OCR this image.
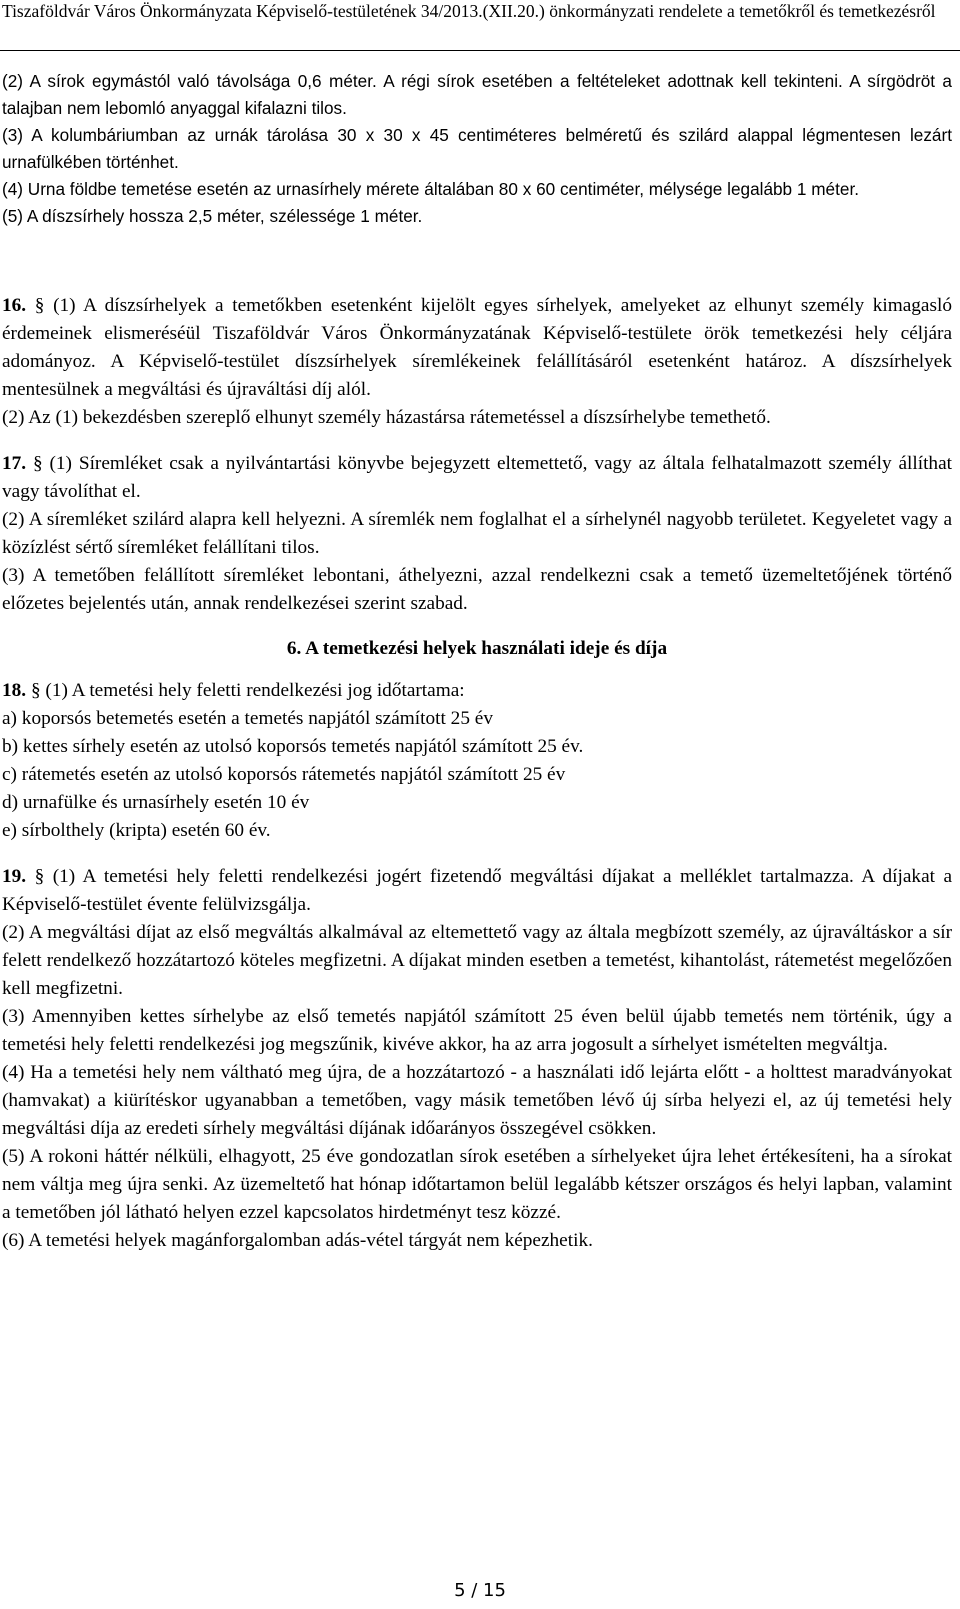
Tiszaföldvár Város Önkormányzata Képviselő-testületének 34/2013.(XII.20.) önkormányzati rendelete a temetőkről és temetkezésről

(2) A sírok egymástól való távolsága 0,6 méter. A régi sírok esetében a feltételeket adottnak kell tekinteni. A sírgödröt a talajban nem lebomló anyaggal kifalazni tilos.

(3) A kolumbáriumban az urnák tárolása 30 x 30 x 45 centiméteres belméretű és szilárd alappal légmentesen lezárt urnafülkében történhet.

(4) Urna földbe temetése esetén az urnasírhely mérete általában 80 x 60 centiméter, mélysége legalább 1 méter.

(5) A díszsírhely hossza 2,5 méter, szélessége 1 méter.

16. § (1) A díszsírhelyek a temetőkben esetenként kijelölt egyes sírhelyek, amelyeket az elhunyt személy kimagasló érdemeinek elismeréséül Tiszaföldvár Város Önkormányzatának Képviselő-testülete örök temetkezési hely céljára adományoz. A Képviselő-testület díszsírhelyek síremlékeinek felállításáról esetenként határoz. A díszsírhelyek mentesülnek a megváltási és újraváltási díj alól.

(2) Az (1) bekezdésben szereplő elhunyt személy házastársa rátemetéssel a díszsírhelybe temethető.

17. § (1) Síremléket csak a nyilvántartási könyvbe bejegyzett eltemettető, vagy az általa felhatalmazott személy állíthat vagy távolíthat el.

(2) A síremléket szilárd alapra kell helyezni. A síremlék nem foglalhat el a sírhelynél nagyobb területet. Kegyeletet vagy a közízlést sértő síremléket felállítani tilos.

(3) A temetőben felállított síremléket lebontani, áthelyezni, azzal rendelkezni csak a temető üzemeltetőjének történő előzetes bejelentés után, annak rendelkezései szerint szabad.

6. A temetkezési helyek használati ideje és díja

18. § (1) A temetési hely feletti rendelkezési jog időtartama:

a) koporsós betemetés esetén a temetés napjától számított 25 év

b) kettes sírhely esetén az utolsó koporsós temetés napjától számított 25 év.

c) rátemetés esetén az utolsó koporsós rátemetés napjától számított 25 év

d) urnafülke és urnasírhely esetén 10 év

e) sírbolthely (kripta) esetén 60 év.

19. § (1) A temetési hely feletti rendelkezési jogért fizetendő megváltási díjakat a melléklet tartalmazza. A díjakat a Képviselő-testület évente felülvizsgálja.

(2) A megváltási díjat az első megváltás alkalmával az eltemettető vagy az általa megbízott személy, az újraváltáskor a sír felett rendelkező hozzátartozó köteles megfizetni. A díjakat minden esetben a temetést, kihantolást, rátemetést megelőzően kell megfizetni.

(3) Amennyiben kettes sírhelybe az első temetés napjától számított 25 éven belül újabb temetés nem történik, úgy a temetési hely feletti rendelkezési jog megszűnik, kivéve akkor, ha az arra jogosult a sírhelyet ismételten megváltja.

(4) Ha a temetési hely nem váltható meg újra, de a hozzátartozó - a használati idő lejárta előtt - a holttest maradványokat (hamvakat) a kiürítéskor ugyanabban a temetőben, vagy másik temetőben lévő új sírba helyezi el, az új temetési hely megváltási díja az eredeti sírhely megváltási díjának időarányos összegével csökken.

(5) A rokoni háttér nélküli, elhagyott, 25 éve gondozatlan sírok esetében a sírhelyeket újra lehet értékesíteni, ha a sírokat nem váltja meg újra senki. Az üzemeltető hat hónap időtartamon belül legalább kétszer országos és helyi lapban, valamint a temetőben jól látható helyen ezzel kapcsolatos hirdetményt tesz közzé.

(6) A temetési helyek magánforgalomban adás-vétel tárgyát nem képezhetik.

5 / 15
